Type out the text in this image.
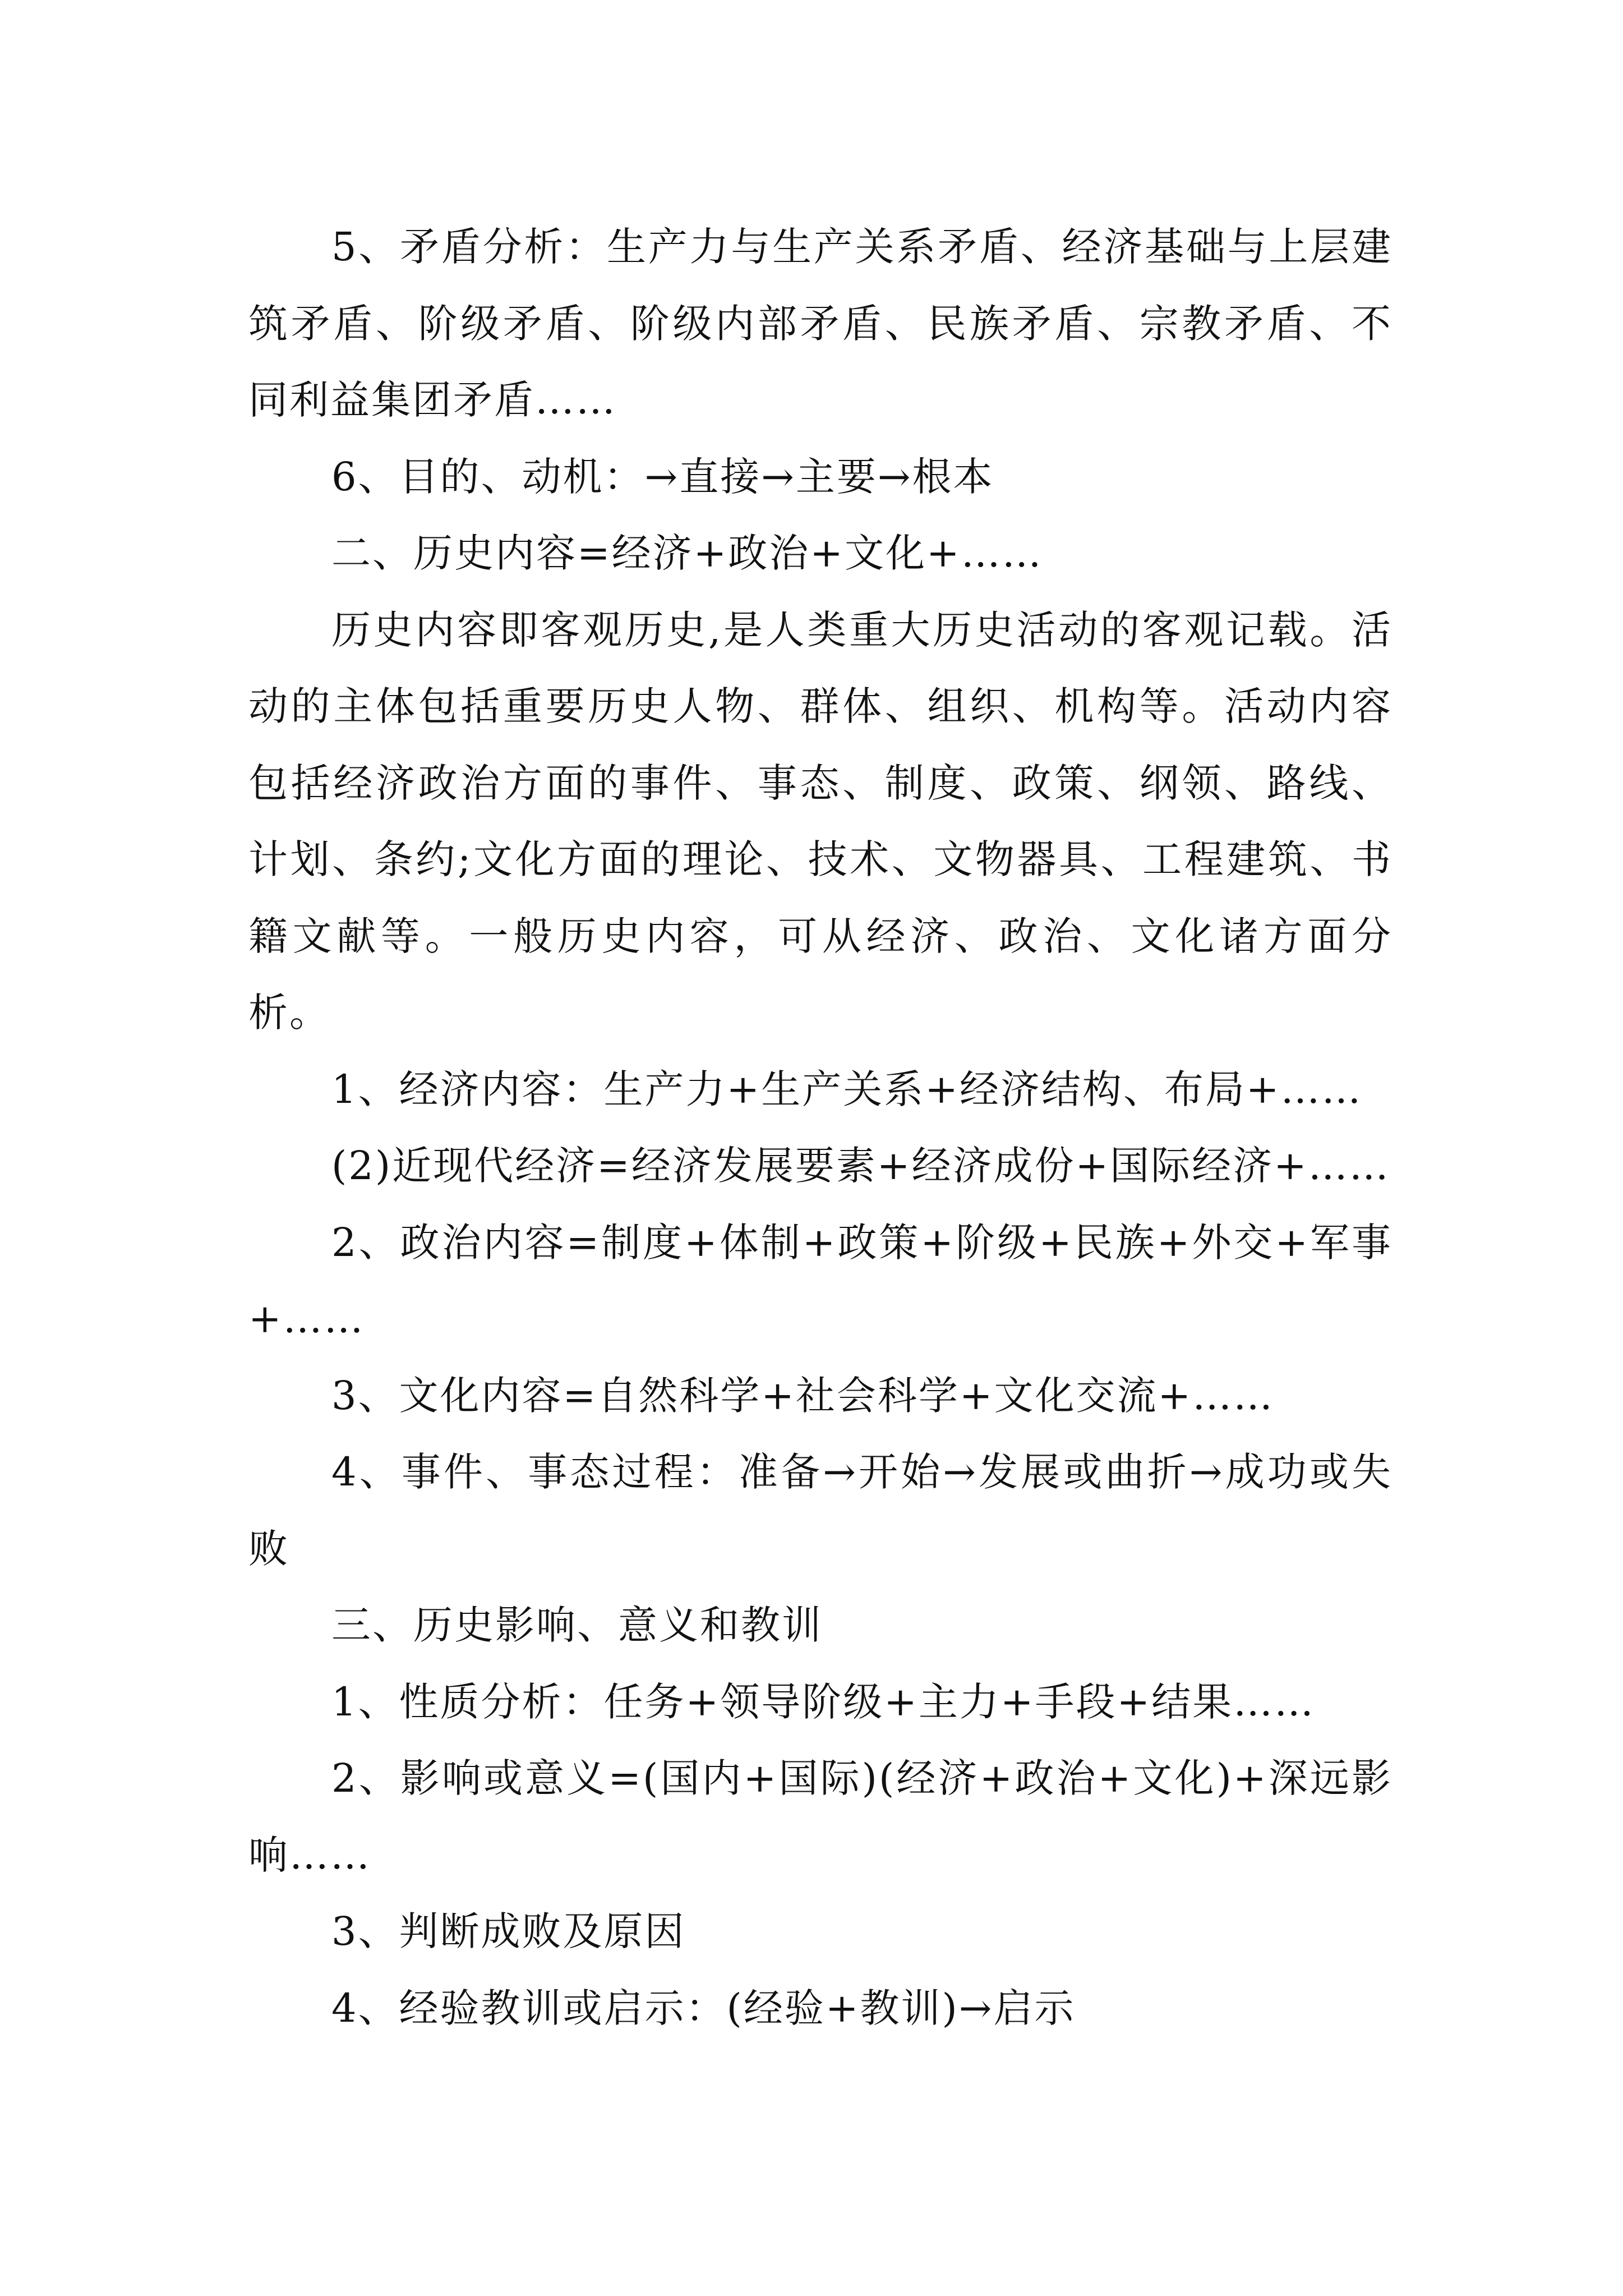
5、矛盾分析：生产力与生产关系矛盾、经济基础与上层建筑矛盾、阶级矛盾、阶级内部矛盾、民族矛盾、宗教矛盾、不同利益集团矛盾……

6、目的、动机：→直接→主要→根本

二、历史内容=经济+政治+文化+……

历史内容即客观历史,是人类重大历史活动的客观记载。活动的主体包括重要历史人物、群体、组织、机构等。活动内容包括经济政治方面的事件、事态、制度、政策、纲领、路线、计划、条约;文化方面的理论、技术、文物器具、工程建筑、书籍文献等。一般历史内容，可从经济、政治、文化诸方面分析。

1、经济内容：生产力+生产关系+经济结构、布局+……

(2)近现代经济=经济发展要素+经济成份+国际经济+……

2、政治内容=制度+体制+政策+阶级+民族+外交+军事+……

3、文化内容=自然科学+社会科学+文化交流+……

4、事件、事态过程：准备→开始→发展或曲折→成功或失败

三、历史影响、意义和教训

1、性质分析：任务+领导阶级+主力+手段+结果……

2、影响或意义=(国内+国际)(经济+政治+文化)+深远影响……

3、判断成败及原因

4、经验教训或启示：(经验+教训)→启示
